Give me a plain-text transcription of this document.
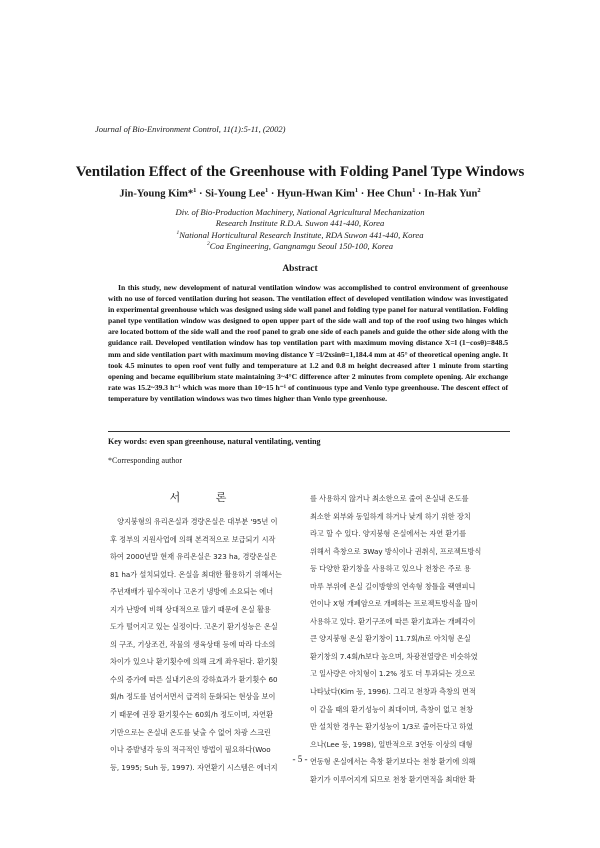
Journal of Bio-Environment Control, 11(1):5-11, (2002)
Ventilation Effect of the Greenhouse with Folding Panel Type Windows
Jin-Young Kim*$^1$ · Si-Young Lee$^1$ · Hyun-Hwan Kim$^1$ · Hee Chun$^1$ · In-Hak Yun$^2$
Div. of Bio-Production Machinery, National Agricultural Mechanization
Research Institute R.D.A. Suwon 441-440, Korea
$^1$National Horticultural Research Institute, RDA Suwon 441-440, Korea
$^2$Coa Engineering, Gangnamgu Seoul 150-100, Korea
Abstract
In this study, new development of natural ventilation window was accomplished to control environment of greenhouse with no use of forced ventilation during hot season. The ventilation effect of developed ventilation window was investigated in experimental greenhouse which was designed using side wall panel and folding type panel for natural ventilation. Folding panel type ventilation window was designed to open upper part of the side wall and top of the roof using two hinges which are located bottom of the side wall and the roof panel to grab one side of each panels and guide the other side along with the guidance rail. Developed ventilation window has top ventilation part with maximum moving distance X=l (1−cosθ)=848.5 mm and side ventilation part with maximum moving distance Y =l/2xsinθ=1,184.4 mm at 45° of theoretical opening angle. It took 4.5 minutes to open roof vent fully and temperature at 1.2 and 0.8 m height decreased after 1 minute from starting opening and became equilibrium state maintaining 3~4°C difference after 2 minutes from complete opening. Air exchange rate was 15.2~39.3 h⁻¹ which was more than 10~15 h⁻¹ of continuous type and Venlo type greenhouse. The descent effect of temperature by ventilation windows was two times higher than Venlo type greenhouse.
Key words: even span greenhouse, natural ventilating, venting
*Corresponding author
서 론
　양지붕형의 유리온실과 경량온실은 대부분 '95년 이
후 정부의 지원사업에 의해 본격적으로 보급되기 시작
하여 2000년말 현재 유리온실은 323 ha, 경량온실은
81 ha가 설치되었다. 온실을 최대한 활용하기 위해서는
주년재배가 필수적이나 고온기 냉방에 소요되는 에너
지가 난방에 비해 상대적으로 많기 때문에 온실 활용
도가 떨어지고 있는 실정이다. 고온기 환기성능은 온실
의 구조, 기상조건, 작물의 생육상태 등에 따라 다소의
차이가 있으나 환기횟수에 의해 크게 좌우된다. 환기횟
수의 증가에 따른 실내기온의 강하효과가 환기횟수 60
회/h 정도를 넘어서면서 급격히 둔화되는 현상을 보이
기 때문에 권장 환기횟수는 60회/h 정도이며, 자연환
기만으로는 온실내 온도를 낮출 수 없어 차광 스크린
이나 증발냉각 등의 적극적인 방법이 필요하다(Woo
등, 1995; Suh 등, 1997). 자연환기 시스템은 에너지
를 사용하지 않거나 최소한으로 줄여 온실내 온도를
최소한 외부와 동일하게 하거나 낮게 하기 위한 장치
라고 할 수 있다. 양지붕형 온실에서는 자연 환기를
위해서 측창으로 3Way 방식이나 권취식, 프로젝트방식
등 다양한 환기창을 사용하고 있으나 천창은 주로 용
마루 부위에 온실 길이방향의 연속형 창틀을 랙앤피니
언이나 X형 개폐암으로 개폐하는 프로젝트방식을 많이
사용하고 있다. 환기구조에 따른 환기효과는 개폐각이
큰 양지붕형 온실 환기창이 11.7회/h로 아치형 온실
환기창의 7.4회/h보다 높으며, 차광전열량은 비슷하였
고 일사량은 아치형이 1.2% 정도 더 투과되는 것으로
나타났다(Kim 등, 1996). 그리고 천창과 측창의 면적
이 같을 때의 환기성능이 최대이며, 측창이 없고 천창
만 설치한 경우는 환기성능이 1/3로 줄어든다고 하였
으나(Lee 등, 1998), 일반적으로 3연동 이상의 대형
연동형 온실에서는 측창 환기보다는 천창 환기에 의해
환기가 이루어지게 되므로 천창 환기면적을 최대한 확
- 5 -
